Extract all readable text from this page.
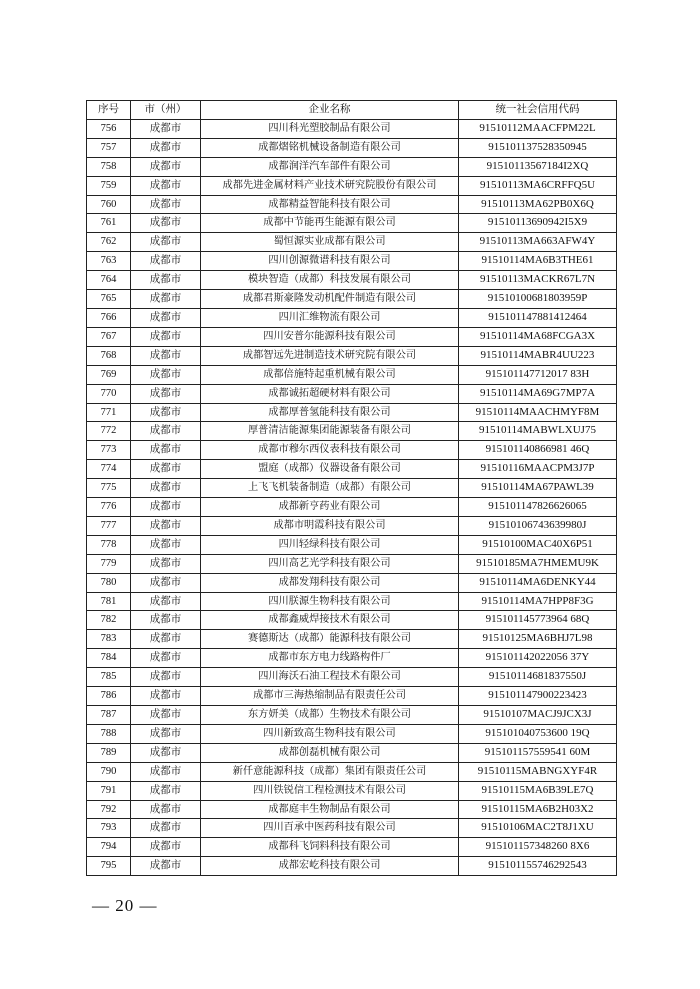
序号	市（州）	企业名称	统一社会信用代码
756	成都市	四川科光塑胶制品有限公司	91510112MAACFPM22L
757	成都市	成都熠铭机械设备制造有限公司	915101137528350945
758	成都市	成都润洋汽车部件有限公司	91510113567184I2XQ
759	成都市	成都先进金属材料产业技术研究院股份有限公司	91510113MA6CRFFQ5U
760	成都市	成都精益智能科技有限公司	91510113MA62PB0X6Q
761	成都市	成都中节能再生能源有限公司	91510113690942I5X9
762	成都市	蜀恒源实业成都有限公司	91510113MA663AFW4Y
763	成都市	四川创源微谱科技有限公司	91510114MA6B3THE61
764	成都市	模块智造（成都）科技发展有限公司	91510113MACKR67L7N
765	成都市	成都君斯豪隆发动机配件制造有限公司	91510100681803959P
766	成都市	四川汇维物流有限公司	915101147881412464
767	成都市	四川安普尔能源科技有限公司	91510114MA68FCGA3X
768	成都市	成都智远先进制造技术研究院有限公司	91510114MABR4UU223
769	成都市	成都倍施特起重机械有限公司	915101147712017 83H
770	成都市	成都诚拓超硬材料有限公司	91510114MA69G7MP7A
771	成都市	成都厚普氢能科技有限公司	91510114MAACHMYF8M
772	成都市	厚普清洁能源集团能源装备有限公司	91510114MABWLXUJ75
773	成都市	成都市穆尔西仪表科技有限公司	915101140866981 46Q
774	成都市	盟庭（成都）仪器设备有限公司	91510116MAACPM3J7P
775	成都市	上飞飞机装备制造（成都）有限公司	91510114MA67PAWL39
776	成都市	成都新亨药业有限公司	915101147826626065
777	成都市	成都市明霞科技有限公司	91510106743639980J
778	成都市	四川轻绿科技有限公司	91510100MAC40X6P51
779	成都市	四川高艺光学科技有限公司	91510185MA7HMEMU9K
780	成都市	成都发翔科技有限公司	91510114MA6DENKY44
781	成都市	四川朕源生物科技有限公司	91510114MA7HPP8F3G
782	成都市	成都鑫威焊接技术有限公司	915101145773964 68Q
783	成都市	赛德斯达（成都）能源科技有限公司	91510125MA6BHJ7L98
784	成都市	成都市东方电力线路构件厂	915101142022056 37Y
785	成都市	四川海沃石油工程技术有限公司	91510114681837550J
786	成都市	成都市三海热缩制品有限责任公司	915101147900223423
787	成都市	东方妍美（成都）生物技术有限公司	91510107MACJ9JCX3J
788	成都市	四川新致高生物科技有限公司	915101040753600 19Q
789	成都市	成都创磊机械有限公司	915101157559541 60M
790	成都市	新仟意能源科技（成都）集团有限责任公司	91510115MABNGXYF4R
791	成都市	四川铁锐信工程检测技术有限公司	91510115MA6B39LE7Q
792	成都市	成都庭丰生物制品有限公司	91510115MA6B2H03X2
793	成都市	四川百承中医药科技有限公司	91510106MAC2T8J1XU
794	成都市	成都科飞饲料科技有限公司	915101157348260 8X6
795	成都市	成都宏屹科技有限公司	915101155746292543
— 20 —
